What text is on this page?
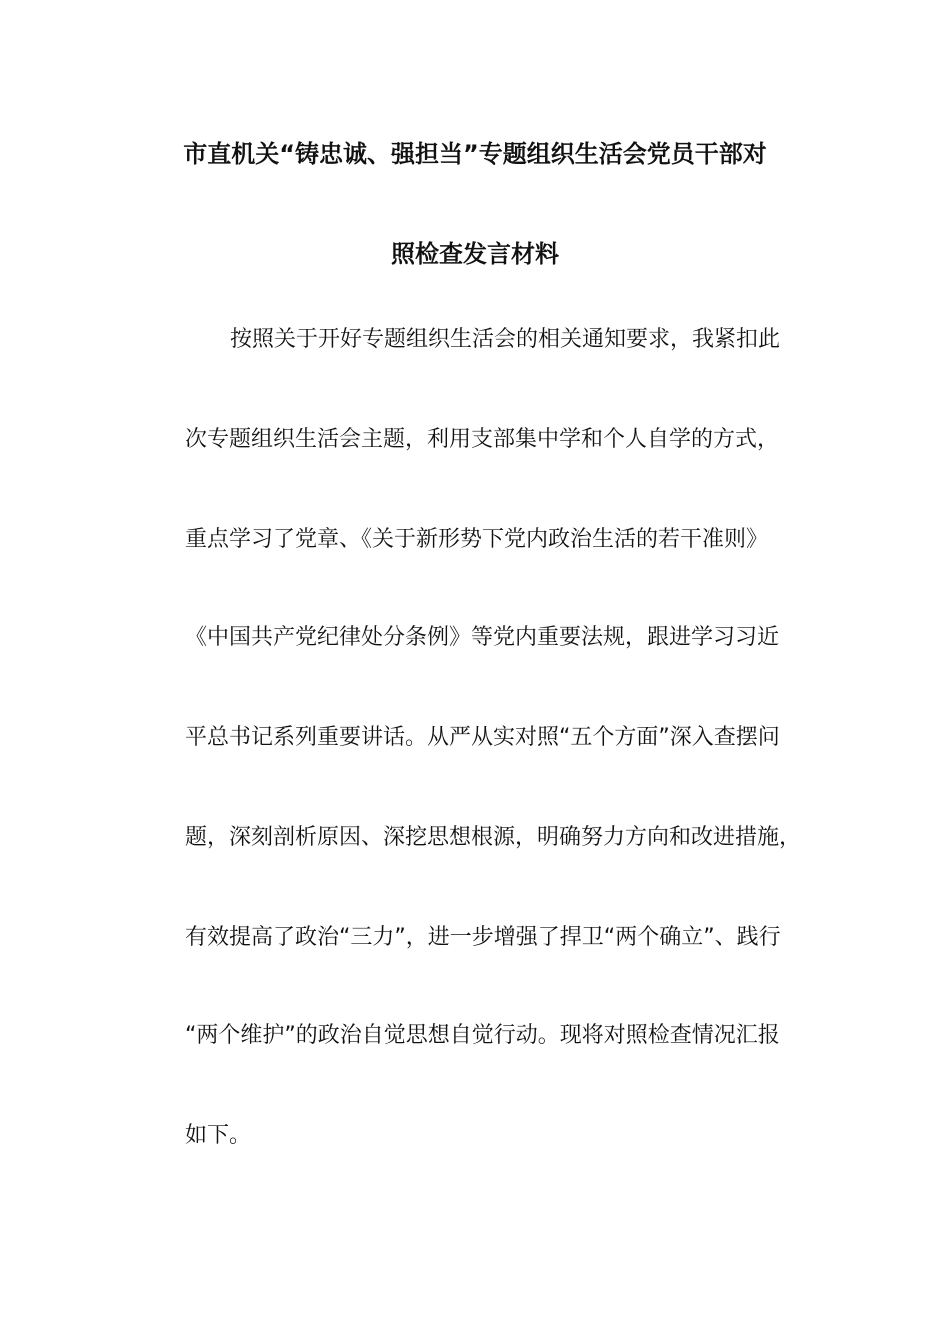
市直机关“铸忠诚、强担当”专题组织生活会党员干部对
照检查发言材料
按照关于开好专题组织生活会的相关通知要求，我紧扣此
次专题组织生活会主题，利用支部集中学和个人自学的方式，
重点学习了党章、《关于新形势下党内政治生活的若干准则》
《中国共产党纪律处分条例》等党内重要法规，跟进学习习近
平总书记系列重要讲话。从严从实对照“五个方面”深入查摆问
题，深刻剖析原因、深挖思想根源，明确努力方向和改进措施，
有效提高了政治“三力”，进一步增强了捍卫“两个确立”、践行
“两个维护”的政治自觉思想自觉行动。现将对照检查情况汇报
如下。
